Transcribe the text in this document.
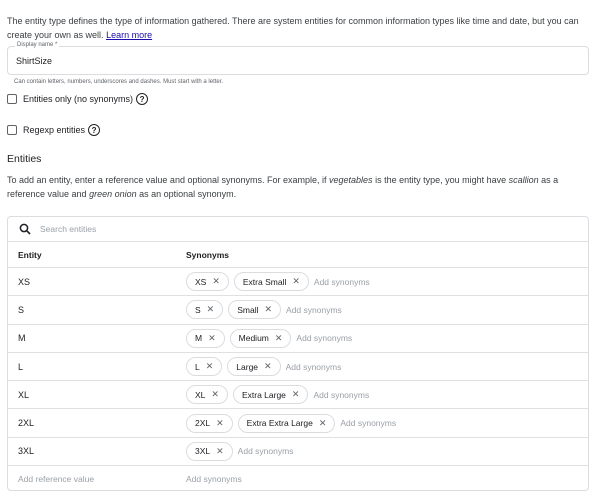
The entity type defines the type of information gathered. There are system entities for common information types like time and date, but you can create your own as well. Learn more

Display name *
ShirtSize
Can contain letters, numbers, underscores and dashes. Must start with a letter.
Entities only (no synonyms) ?
Regexp entities ?
Entities

To add an entity, enter a reference value and optional synonyms. For example, if vegetables is the entity type, you might have scallion as a reference value and green onion as an optional synonym.

Search entities
Entity	Synonyms
XS	XS ✕	Extra Small ✕ Add synonyms
S	S ✕	Small ✕ Add synonyms
M	M ✕	Medium ✕ Add synonyms
L	L ✕	Large ✕ Add synonyms
XL	XL ✕	Extra Large ✕ Add synonyms
2XL	2XL ✕	Extra Extra Large ✕ Add synonyms
3XL	3XL ✕ Add synonyms
Add reference value	Add synonyms
